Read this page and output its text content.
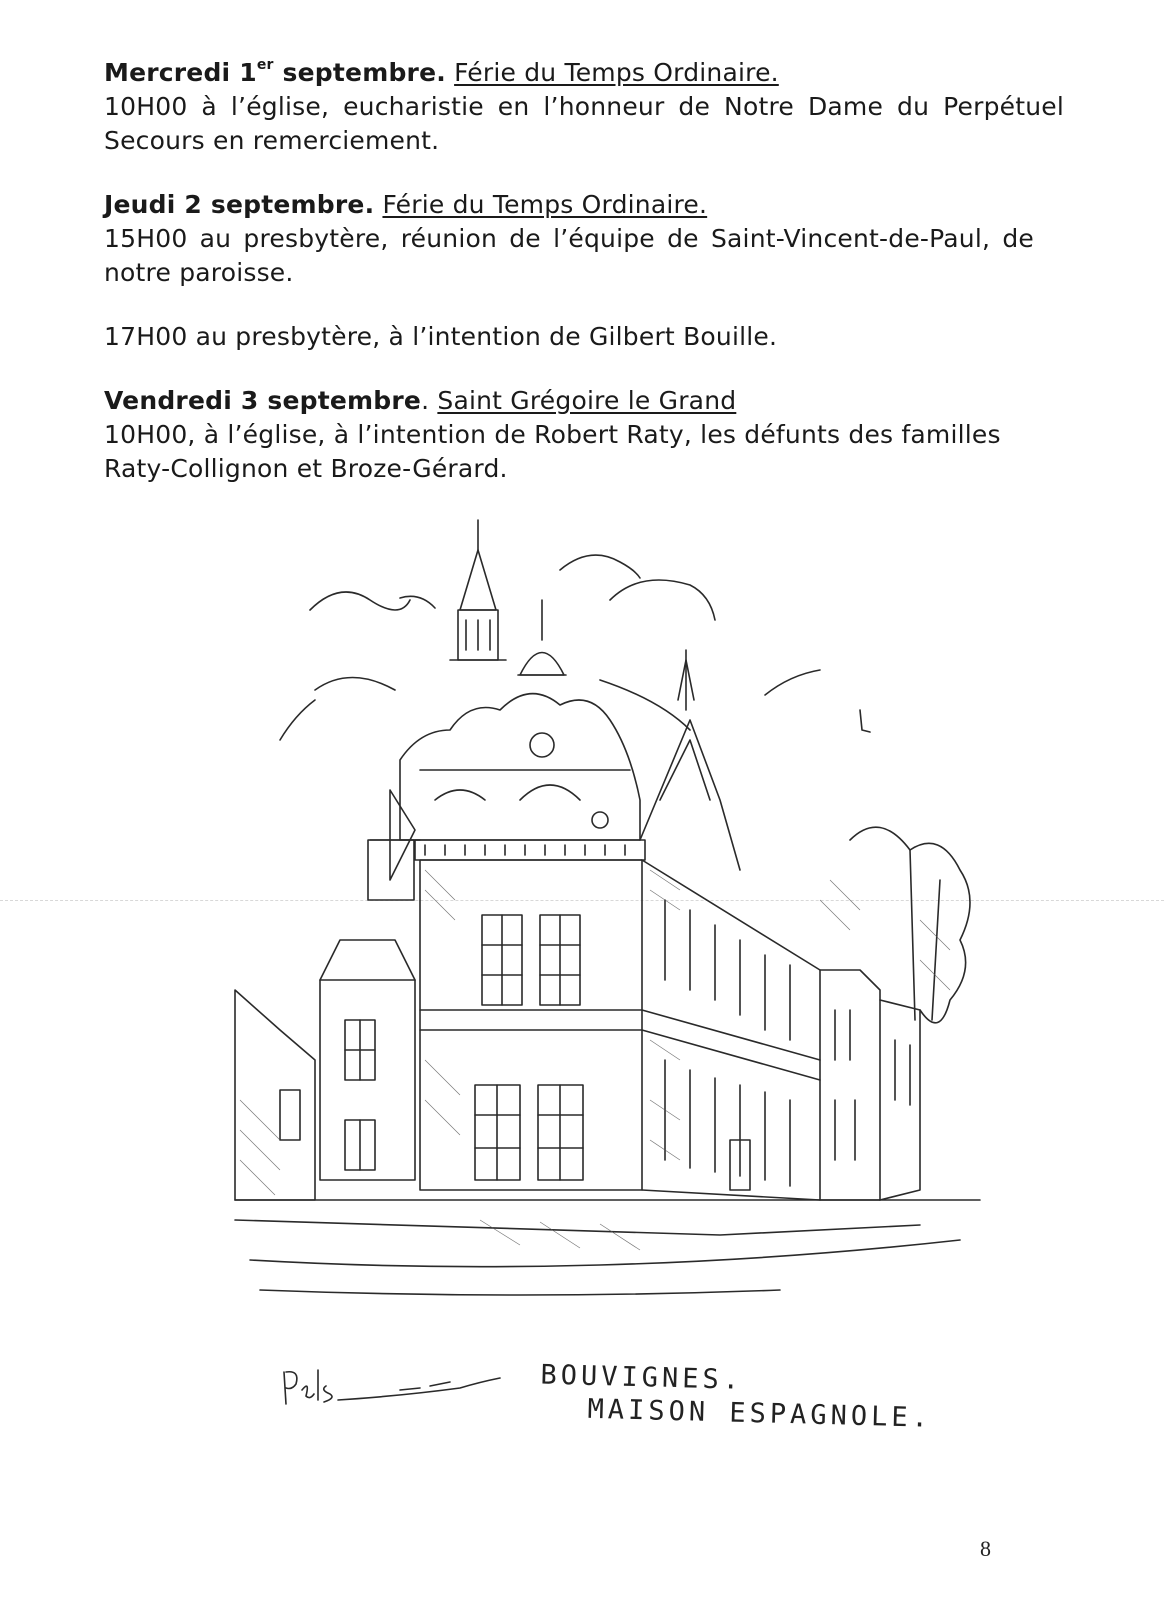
Mercredi 1er septembre. Férie du Temps Ordinaire.
10H00 à l’église, eucharistie en l’honneur de Notre Dame du Perpétuel Secours en remerciement.
Jeudi 2 septembre. Férie du Temps Ordinaire.
15H00 au presbytère, réunion de l’équipe de Saint-Vincent-de-Paul, de notre paroisse.
17H00 au presbytère, à l’intention de Gilbert Bouille.
Vendredi 3 septembre. Saint Grégoire le Grand
10H00, à l’église, à l’intention de Robert Raty, les défunts des familles Raty-Collignon et Broze-Gérard.
BOUVIGNES.
MAISON ESPAGNOLE.
8
